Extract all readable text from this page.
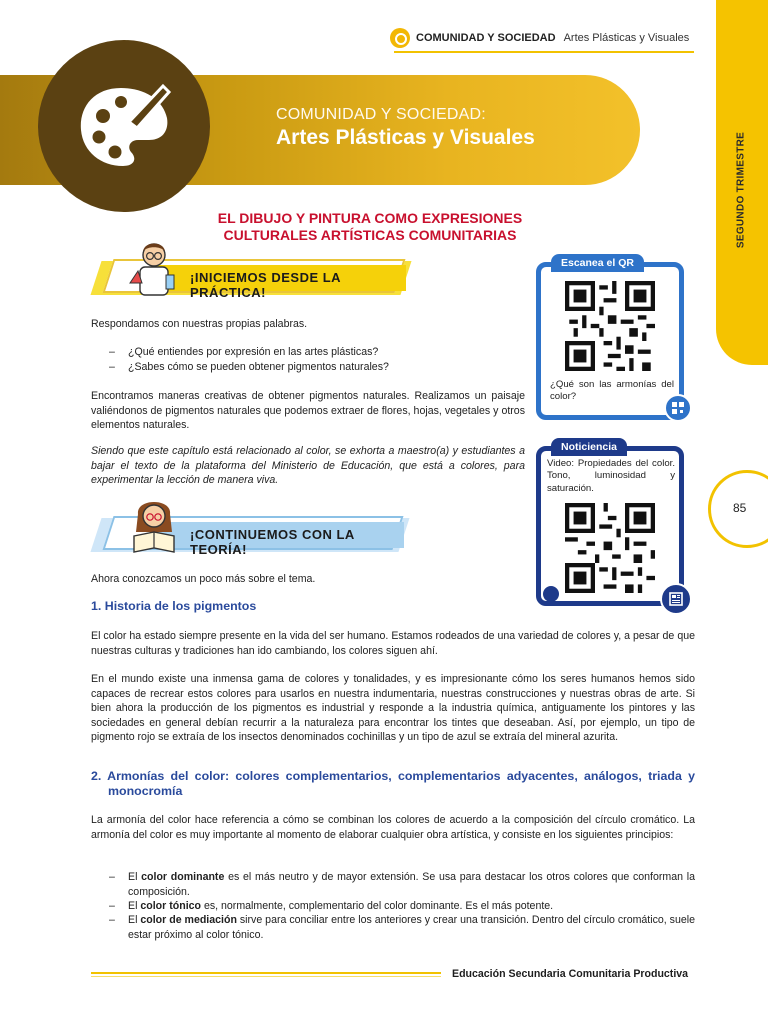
COMUNIDAD Y SOCIEDAD Artes Plásticas y Visuales
SEGUNDO TRIMESTRE
85
COMUNIDAD Y SOCIEDAD:
Artes Plásticas y Visuales
EL DIBUJO Y PINTURA COMO EXPRESIONES
CULTURALES ARTÍSTICAS COMUNITARIAS
¡INICIEMOS DESDE LA PRÁCTICA!
Respondamos con nuestras propias palabras.
– ¿Qué entiendes por expresión en las artes plásticas?
– ¿Sabes cómo se pueden obtener pigmentos naturales?
Encontramos maneras creativas de obtener pigmentos naturales. Realizamos un paisaje valiéndonos de pigmentos naturales que podemos extraer de flores, hojas, vegetales y otros elementos naturales.
Siendo que este capítulo está relacionado al color, se exhorta a maestro(a) y estudiantes a bajar el texto de la plataforma del Ministerio de Educación, que está a colores, para experimentar la lección de manera viva.
Escanea el QR
¿Qué son las armonías del color?
Noticiencia
Video: Propiedades del color. Tono, luminosidad y saturación.
¡CONTINUEMOS CON LA TEORÍA!
Ahora conozcamos un poco más sobre el tema.
1. Historia de los pigmentos
El color ha estado siempre presente en la vida del ser humano. Estamos rodeados de una variedad de colores y, a pesar de que nuestras culturas y tradiciones han ido cambiando, los colores siguen ahí.
En el mundo existe una inmensa gama de colores y tonalidades, y es impresionante cómo los seres humanos hemos sido capaces de recrear estos colores para usarlos en nuestra indumentaria, nuestras construcciones y nuestras obras de arte. Si bien ahora la producción de los pigmentos es industrial y responde a la industria química, antiguamente los pintores y las sociedades en general debían recurrir a la naturaleza para encontrar los tintes que deseaban. Así, por ejemplo, un tipo de pigmento rojo se extraía de los insectos denominados cochinillas y un tipo de azul se extraía del mineral azurita.
2. Armonías del color: colores complementarios, complementarios adyacentes, análogos, triada y
monocromía
La armonía del color hace referencia a cómo se combinan los colores de acuerdo a la composición del círculo cromático. La armonía del color es muy importante al momento de elaborar cualquier obra artística, y consiste en los siguientes principios:
– El color dominante es el más neutro y de mayor extensión. Se usa para destacar los otros colores que conforman la composición.
– El color tónico es, normalmente, complementario del color dominante. Es el más potente.
– El color de mediación sirve para conciliar entre los anteriores y crear una transición. Dentro del círculo cromático, suele estar próximo al color tónico.
Educación Secundaria Comunitaria Productiva
